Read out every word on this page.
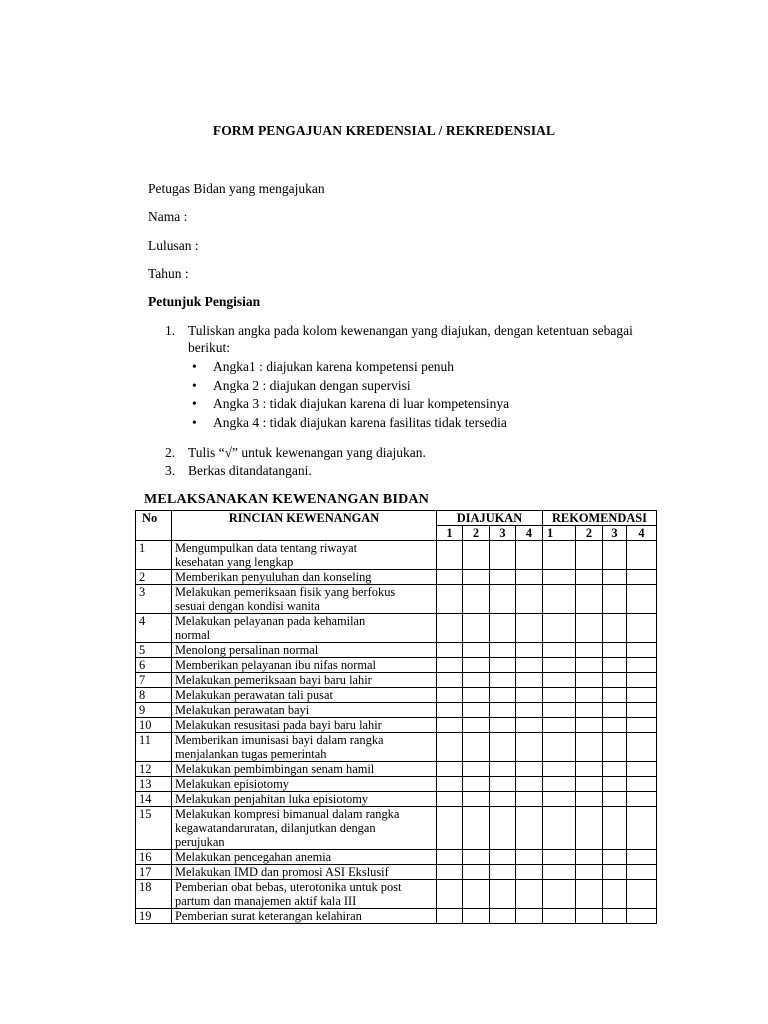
FORM PENGAJUAN KREDENSIAL / REKREDENSIAL
Petugas Bidan yang mengajukan
Nama :
Lulusan :
Tahun :
Petunjuk Pengisian
1. Tuliskan angka pada kolom kewenangan yang diajukan, dengan ketentuan sebagai berikut:
• Angka1 : diajukan karena kompetensi penuh
• Angka 2 : diajukan dengan supervisi
• Angka 3 : tidak diajukan karena di luar kompetensinya
• Angka 4 : tidak diajukan karena fasilitas tidak tersedia
2. Tulis “√” untuk kewenangan yang diajukan.
3. Berkas ditandatangani.
MELAKSANAKAN KEWENANGAN BIDAN
No	RINCIAN KEWENANGAN	DIAJUKAN				REKOMENDASI			
		1	2	3	4	1	2	3	4
1	Mengumpulkan data tentang riwayat
kesehatan yang lengkap								

2	Memberikan penyuluhan dan konseling								

3	Melakukan pemeriksaan fisik yang berfokus
sesuai dengan kondisi wanita								

4	Melakukan pelayanan pada kehamilan
normal								

5	Menolong persalinan normal								

6	Memberikan pelayanan ibu nifas normal								

7	Melakukan pemeriksaan bayi baru lahir								

8	Melakukan perawatan tali pusat								

9	Melakukan perawatan bayi								

10	Melakukan resusitasi pada bayi baru lahir								

11	Memberikan imunisasi bayi dalam rangka
menjalankan tugas pemerintah								

12	Melakukan pembimbingan senam hamil								

13	Melakukan episiotomy								

14	Melakukan penjahitan luka episiotomy								

15	Melakukan kompresi bimanual dalam rangka
kegawatandaruratan, dilanjutkan dengan
perujukan								

16	Melakukan pencegahan anemia								

17	Melakukan IMD dan promosi ASI Ekslusif								

18	Pemberian obat bebas, uterotonika untuk post
partum dan manajemen aktif kala III								

19	Pemberian surat keterangan kelahiran								
